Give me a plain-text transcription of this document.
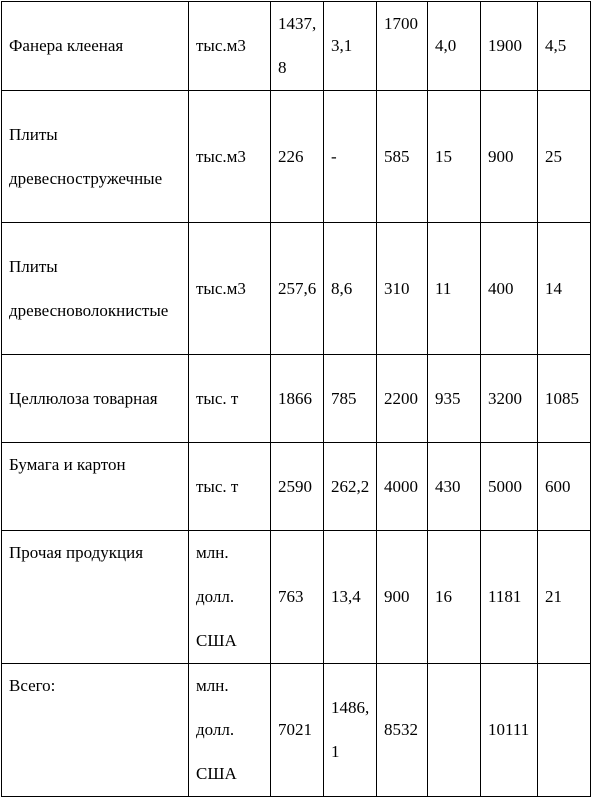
Фанера клееная	тыс.м3	1437,8	3,1	1700	4,0	1900	4,5
Плиты древесностружечные	тыс.м3	226	-	585	15	900	25
Плиты древесноволокнистые	тыс.м3	257,6	8,6	310	11	400	14
Целлюлоза товарная	тыс. т	1866	785	2200	935	3200	1085
Бумага и картон	тыс. т	2590	262,2	4000	430	5000	600
Прочая продукция	млн. долл. США	763	13,4	900	16	1181	21
Всего:	млн. долл. США	7021	1486,1	8532		10111	
